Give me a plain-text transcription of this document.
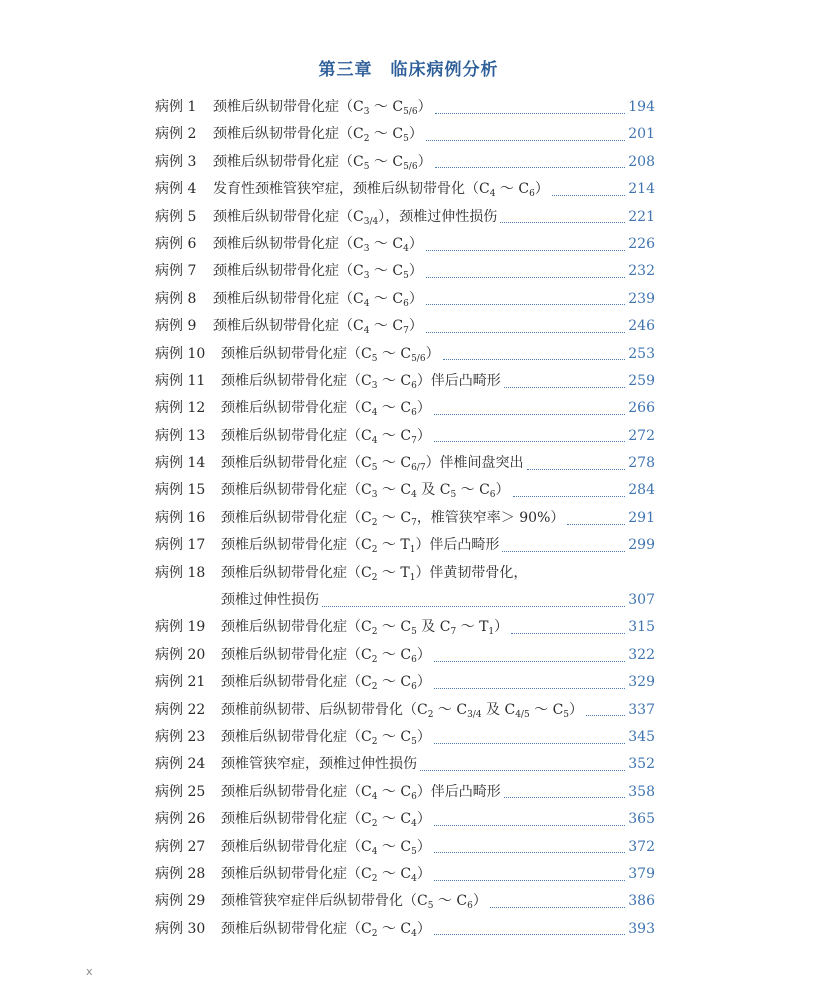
第三章　临床病例分析
病例 1	颈椎后纵韧带骨化症（$C_3$ ～ $C_{5/6}$）	194
病例 2	颈椎后纵韧带骨化症（$C_2$ ～ $C_5$）	201
病例 3	颈椎后纵韧带骨化症（$C_5$ ～ $C_{5/6}$）	208
病例 4	发育性颈椎管狭窄症，颈椎后纵韧带骨化（$C_4$ ～ $C_6$）	214
病例 5	颈椎后纵韧带骨化症$(C_{3/4})$，颈椎过伸性损伤	221
病例 6	颈椎后纵韧带骨化症（$C_3$ ～ $C_4$）	226
病例 7	颈椎后纵韧带骨化症（$C_3$ ～ $C_5$）	232
病例 8	颈椎后纵韧带骨化症（$C_4$ ～ $C_6$）	239
病例 9	颈椎后纵韧带骨化症（$C_4$ ～ $C_7$）	246
病例 10	颈椎后纵韧带骨化症（$C_5$ ～ $C_{5/6}$）	253
病例 11	颈椎后纵韧带骨化症（$C_3$ ～ $C_6$）伴后凸畸形	259
病例 12	颈椎后纵韧带骨化症（$C_4$ ～ $C_6$）	266
病例 13	颈椎后纵韧带骨化症（$C_4$ ～ $C_7$）	272
病例 14	颈椎后纵韧带骨化症（$C_5$ ～ $C_{6/7}$）伴椎间盘突出	278
病例 15	颈椎后纵韧带骨化症（$C_3$ ～ $C_4$ 及 $C_5$ ～ $C_6$）	284
病例 16	颈椎后纵韧带骨化症（$C_2$ ～ $C_7$，椎管狭窄率＞ 90%）	291
病例 17	颈椎后纵韧带骨化症（$C_2$ ～ $T_1$）伴后凸畸形	299
病例 18	颈椎后纵韧带骨化症（$C_2$ ～ $T_1$）伴黄韧带骨化，
颈椎过伸性损伤	307
病例 19	颈椎后纵韧带骨化症（$C_2$ ～ $C_5$ 及 $C_7$ ～ $T_1$）	315
病例 20	颈椎后纵韧带骨化症（$C_2$ ～ $C_6$）	322
病例 21	颈椎后纵韧带骨化症（$C_2$ ～ $C_6$）	329
病例 22	颈椎前纵韧带、后纵韧带骨化（$C_2$ ～ $C_{3/4}$ 及 $C_{4/5}$ ～ $C_5$）	337
病例 23	颈椎后纵韧带骨化症（$C_2$ ～ $C_5$）	345
病例 24	颈椎管狭窄症，颈椎过伸性损伤	352
病例 25	颈椎后纵韧带骨化症（$C_4$ ～ $C_6$）伴后凸畸形	358
病例 26	颈椎后纵韧带骨化症（$C_2$ ～ $C_4$）	365
病例 27	颈椎后纵韧带骨化症（$C_4$ ～ $C_5$）	372
病例 28	颈椎后纵韧带骨化症（$C_2$ ～ $C_4$）	379
病例 29	颈椎管狭窄症伴后纵韧带骨化（$C_5$ ～ $C_6$）	386
病例 30	颈椎后纵韧带骨化症（$C_2$ ～ $C_4$）	393
x
